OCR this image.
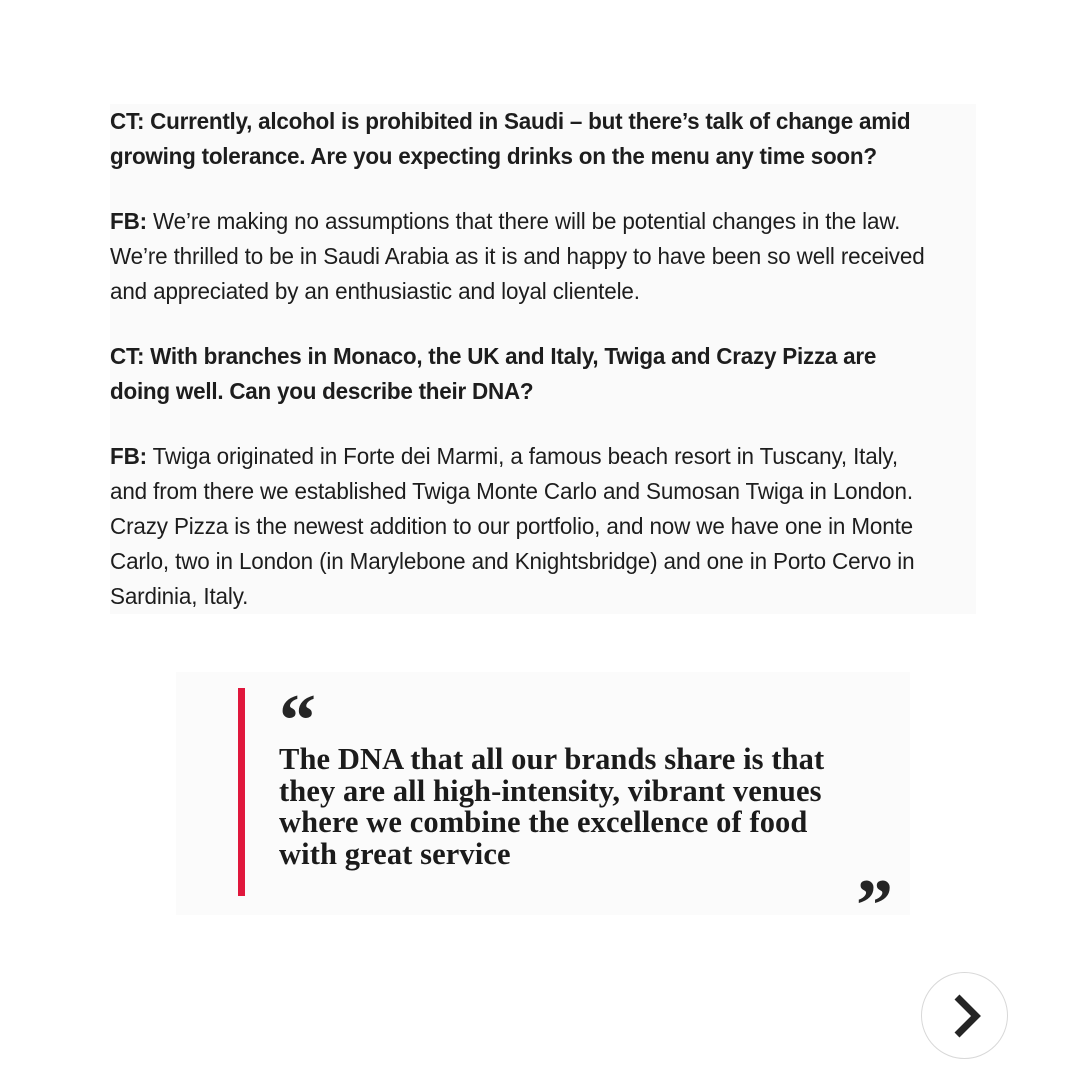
CT: Currently, alcohol is prohibited in Saudi – but there’s talk of change amid growing tolerance. Are you expecting drinks on the menu any time soon?

FB: We’re making no assumptions that there will be potential changes in the law. We’re thrilled to be in Saudi Arabia as it is and happy to have been so well received and appreciated by an enthusiastic and loyal clientele.

CT: With branches in Monaco, the UK and Italy, Twiga and Crazy Pizza are doing well. Can you describe their DNA?

FB: Twiga originated in Forte dei Marmi, a famous beach resort in Tuscany, Italy, and from there we established Twiga Monte Carlo and Sumosan Twiga in London. Crazy Pizza is the newest addition to our portfolio, and now we have one in Monte Carlo, two in London (in Marylebone and Knightsbridge) and one in Porto Cervo in Sardinia, Italy.

“

The DNA that all our brands share is that they are all high-intensity, vibrant venues where we combine the excellence of food with great service

”
